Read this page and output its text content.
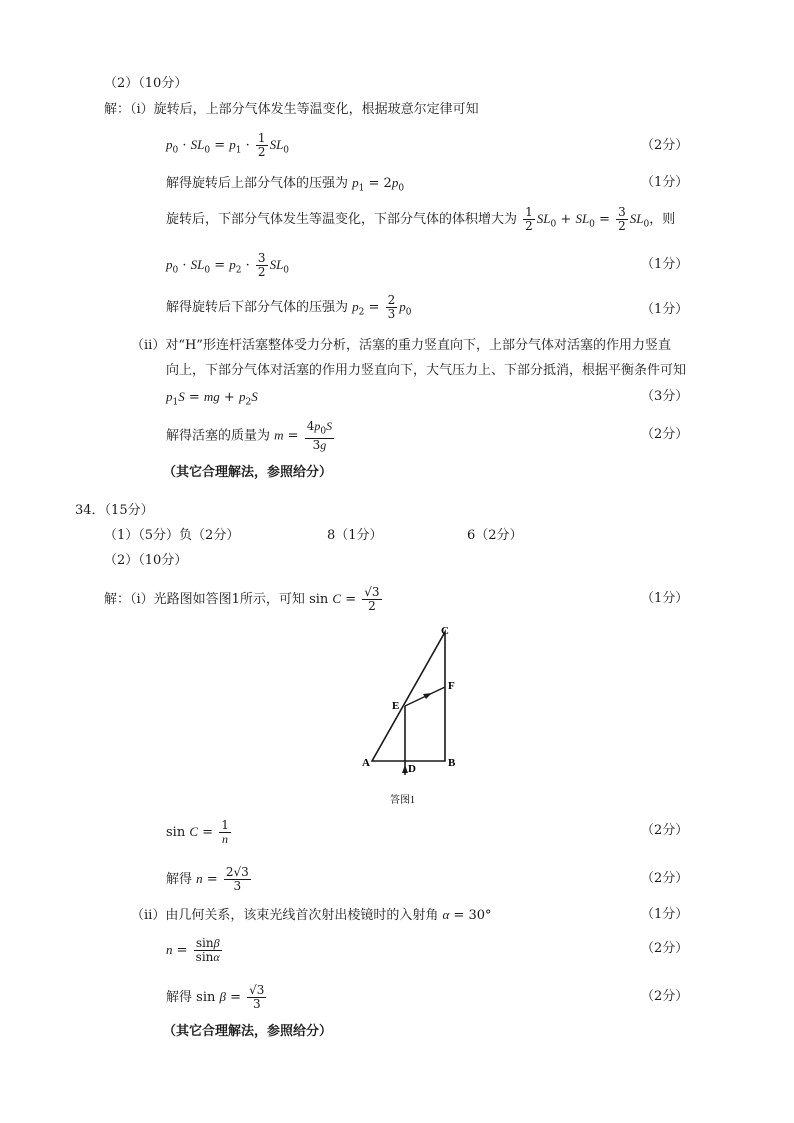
（2）（10分）
解：（ⅰ）旋转后，上部分气体发生等温变化，根据玻意尔定律可知
$p_0 \cdot SL_0 = p_1 \cdot \frac{1}{2} SL_0$	（2分）
解得旋转后上部分气体的压强为 $p_1 = 2p_0$	（1分）
旋转后，下部分气体发生等温变化，下部分气体的体积增大为 $\frac{1}{2} SL_0 + SL_0 = \frac{3}{2} SL_0$，则
$p_0 \cdot SL_0 = p_2 \cdot \frac{3}{2} SL_0$	（1分）
解得旋转后下部分气体的压强为 $p_2 = \frac{2}{3} p_0$	（1分）
（ⅱ）对“H”形连杆活塞整体受力分析，活塞的重力竖直向下，上部分气体对活塞的作用力竖直
向上，下部分气体对活塞的作用力竖直向下，大气压力上、下部分抵消，根据平衡条件可知
$p_1S$ = mg + $p_2S$	（3分）
解得活塞的质量为 $m = \frac{4p_0S}{3g}$	（2分）
（其它合理解法，参照给分）
34．（15分）
（1）（5分）负（2分）	8（1分）	6（2分）
（2）（10分）
解：（ⅰ）光路图如答图1所示，可知 $\sin C = \frac{√3}{2}$	（1分）
C
F
E
A	B
D
答图1
$\sin C = \frac{1}{n}$	（2分）
解得 $n = \frac{2√3}{3}$	（2分）
（ⅱ）由几何关系，该束光线首次射出棱镜时的入射角 α = 30°	（1分）
$n = \frac{\sin\beta}{\sin\alpha}$	（2分）
解得 $\sin \beta = \frac{√3}{3}$	（2分）
（其它合理解法，参照给分）
